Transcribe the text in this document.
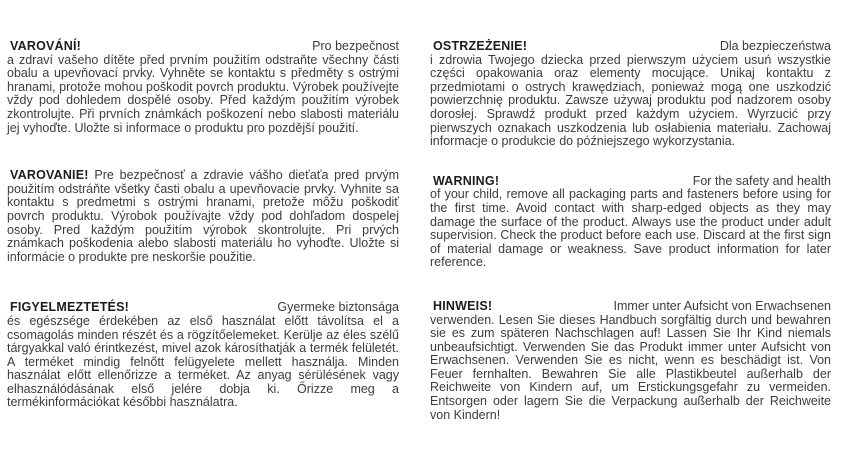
VAROVÁNÍ!	Pro bezpečnost
a zdraví vašeho dítěte před prvním použitím odstraňte všechny části obalu a upevňovací prvky. Vyhněte se kontaktu s předměty s ostrými hranami, protože mohou poškodit povrch produktu. Výrobek používejte vždy pod dohledem dospělé osoby. Před každým použitím výrobek zkontrolujte. Při prvních známkách poškození nebo slabosti materiálu jej vyhoďte. Uložte si informace o produktu pro pozdější použití.
VAROVANIE! Pre bezpečnosť a zdravie vášho dieťaťa pred prvým použitím odstráňte všetky časti obalu a upevňovacie prvky. Vyhnite sa kontaktu s predmetmi s ostrými hranami, pretože môžu poškodiť povrch produktu. Výrobok používajte vždy pod dohľadom dospelej osoby. Pred každým použitím výrobok skontrolujte. Pri prvých známkach poškodenia alebo slabosti materiálu ho vyhoďte. Uložte si informácie o produkte pre neskoršie použitie.
FIGYELMEZTETÉS!	Gyermeke biztonsága
és egészsége érdekében az első használat előtt távolítsa el a csomagolás minden részét és a rögzítőelemeket. Kerülje az éles szélű tárgyakkal való érintkezést, mivel azok károsíthatják a termék felületét. A terméket mindig felnőtt felügyelete mellett használja. Minden használat előtt ellenőrizze a terméket. Az anyag sérülésének vagy elhasználódásának első jelére dobja ki. Őrizze meg a termékinformációkat későbbi használatra.
OSTRZEŻENIE!	Dla bezpieczeństwa
i zdrowia Twojego dziecka przed pierwszym użyciem usuń wszystkie części opakowania oraz elementy mocujące. Unikaj kontaktu z przedmiotami o ostrych krawędziach, ponieważ mogą one uszkodzić powierzchnię produktu. Zawsze używaj produktu pod nadzorem osoby dorosłej. Sprawdź produkt przed każdym użyciem. Wyrzucić przy pierwszych oznakach uszkodzenia lub osłabienia materiału. Zachowaj informacje o produkcie do późniejszego wykorzystania.
WARNING!	For the safety and health
of your child, remove all packaging parts and fasteners before using for the first time. Avoid contact with sharp-edged objects as they may damage the surface of the product. Always use the product under adult supervision. Check the product before each use. Discard at the first sign of material damage or weakness. Save product information for later reference.
HINWEIS!	Immer unter Aufsicht von Erwachsenen
verwenden. Lesen Sie dieses Handbuch sorgfältig durch und bewahren sie es zum späteren Nachschlagen auf! Lassen Sie Ihr Kind niemals unbeaufsichtigt. Verwenden Sie das Produkt immer unter Aufsicht von Erwachsenen. Verwenden Sie es nicht, wenn es beschädigt ist. Von Feuer fernhalten. Bewahren Sie alle Plastikbeutel außerhalb der Reichweite von Kindern auf, um Erstickungsgefahr zu vermeiden. Entsorgen oder lagern Sie die Verpackung außerhalb der Reichweite von Kindern!
